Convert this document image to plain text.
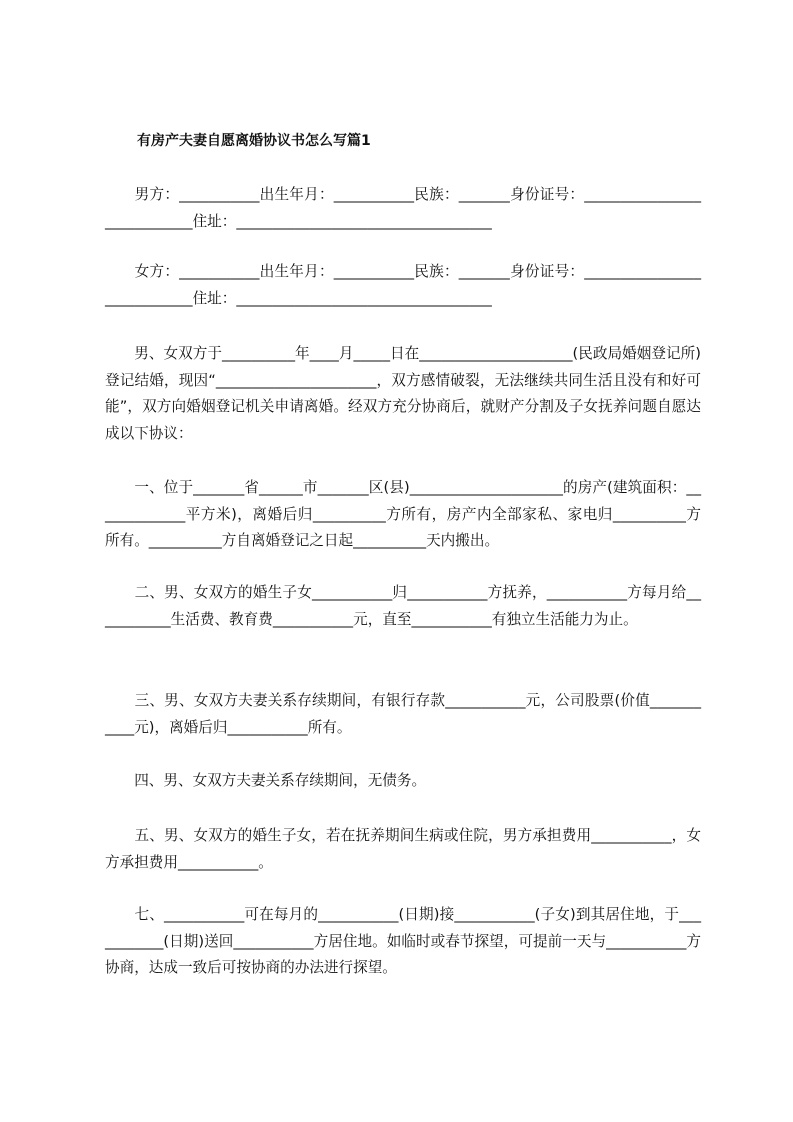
有房产夫妻自愿离婚协议书怎么写篇1
　　男方：___________出生年月：___________民族：_______身份证号：____________________________住址：___________________________________
　　女方：___________出生年月：___________民族：_______身份证号：____________________________住址：___________________________________
　　男、女双方于__________年____月_____日在_____________________(民政局婚姻登记所)登记结婚，现因“______________________，双方感情破裂，无法继续共同生活且没有和好可能”，双方向婚姻登记机关申请离婚。经双方充分协商后，就财产分割及子女抚养问题自愿达成以下协议：
　　一、位于_______省______市_______区(县)_____________________的房产(建筑面积：_____________平方米)，离婚后归__________方所有，房产内全部家私、家电归__________方所有。__________方自离婚登记之日起__________天内搬出。
　　二、男、女双方的婚生子女___________归___________方抚养，___________方每月给___________生活费、教育费___________元，直至___________有独立生活能力为止。
　　三、男、女双方夫妻关系存续期间，有银行存款___________元，公司股票(价值___________元)，离婚后归___________所有。
　　四、男、女双方夫妻关系存续期间，无债务。
　　五、男、女双方的婚生子女，若在抚养期间生病或住院，男方承担费用___________，女方承担费用___________。
　　七、___________可在每月的___________(日期)接___________(子女)到其居住地，于___________(日期)送回___________方居住地。如临时或春节探望，可提前一天与___________方协商，达成一致后可按协商的办法进行探望。
